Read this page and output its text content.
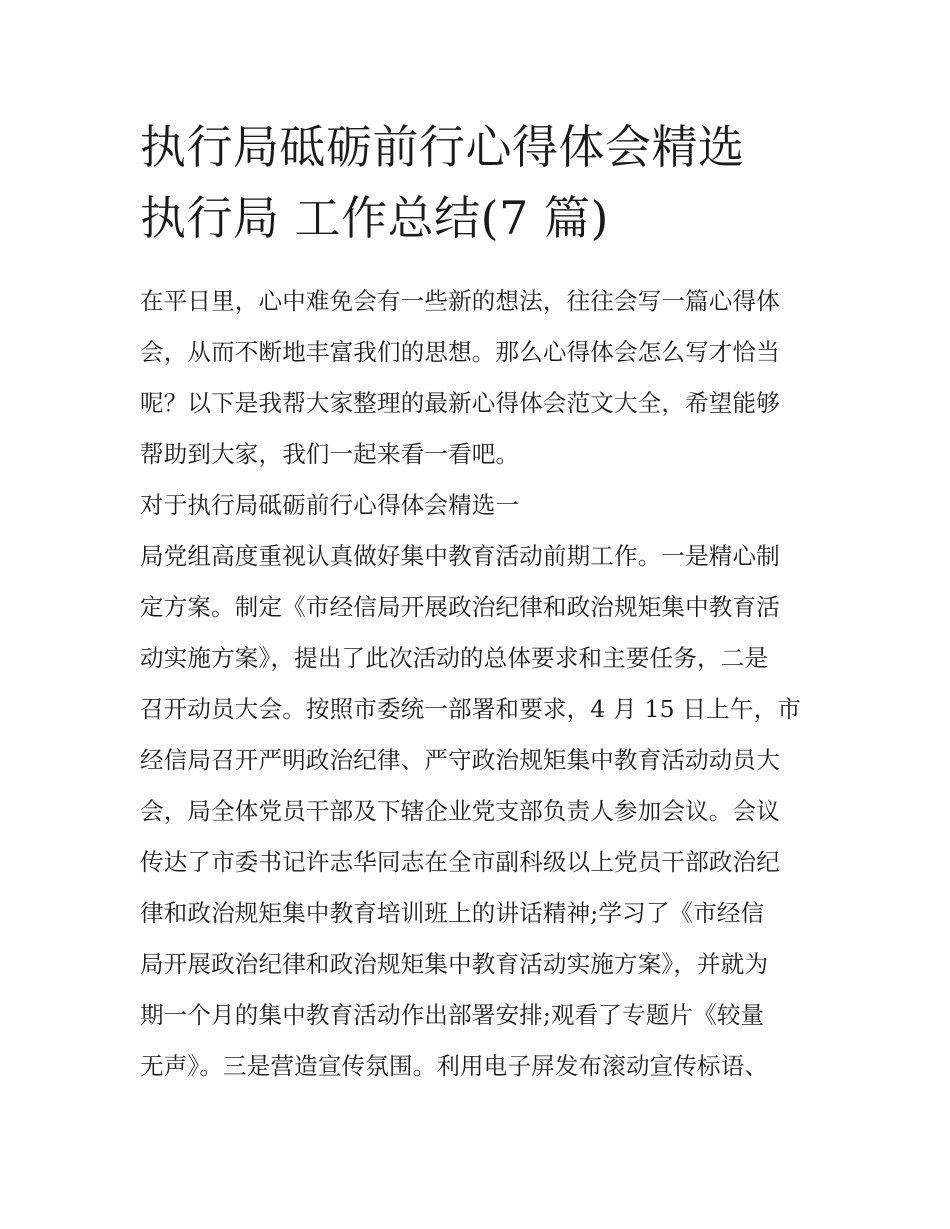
执行局砥砺前行心得体会精选
执行局 工作总结(7 篇)
在平日里，心中难免会有一些新的想法，往往会写一篇心得体
会，从而不断地丰富我们的思想。那么心得体会怎么写才恰当
呢？以下是我帮大家整理的最新心得体会范文大全，希望能够
帮助到大家，我们一起来看一看吧。
对于执行局砥砺前行心得体会精选一
局党组高度重视认真做好集中教育活动前期工作。一是精心制
定方案。制定《市经信局开展政治纪律和政治规矩集中教育活
动实施方案》，提出了此次活动的总体要求和主要任务，二是
召开动员大会。按照市委统一部署和要求，4 月 15 日上午，市
经信局召开严明政治纪律、严守政治规矩集中教育活动动员大
会，局全体党员干部及下辖企业党支部负责人参加会议。会议
传达了市委书记许志华同志在全市副科级以上党员干部政治纪
律和政治规矩集中教育培训班上的讲话精神;学习了《市经信
局开展政治纪律和政治规矩集中教育活动实施方案》，并就为
期一个月的集中教育活动作出部署安排;观看了专题片《较量
无声》。三是营造宣传氛围。利用电子屏发布滚动宣传标语、
